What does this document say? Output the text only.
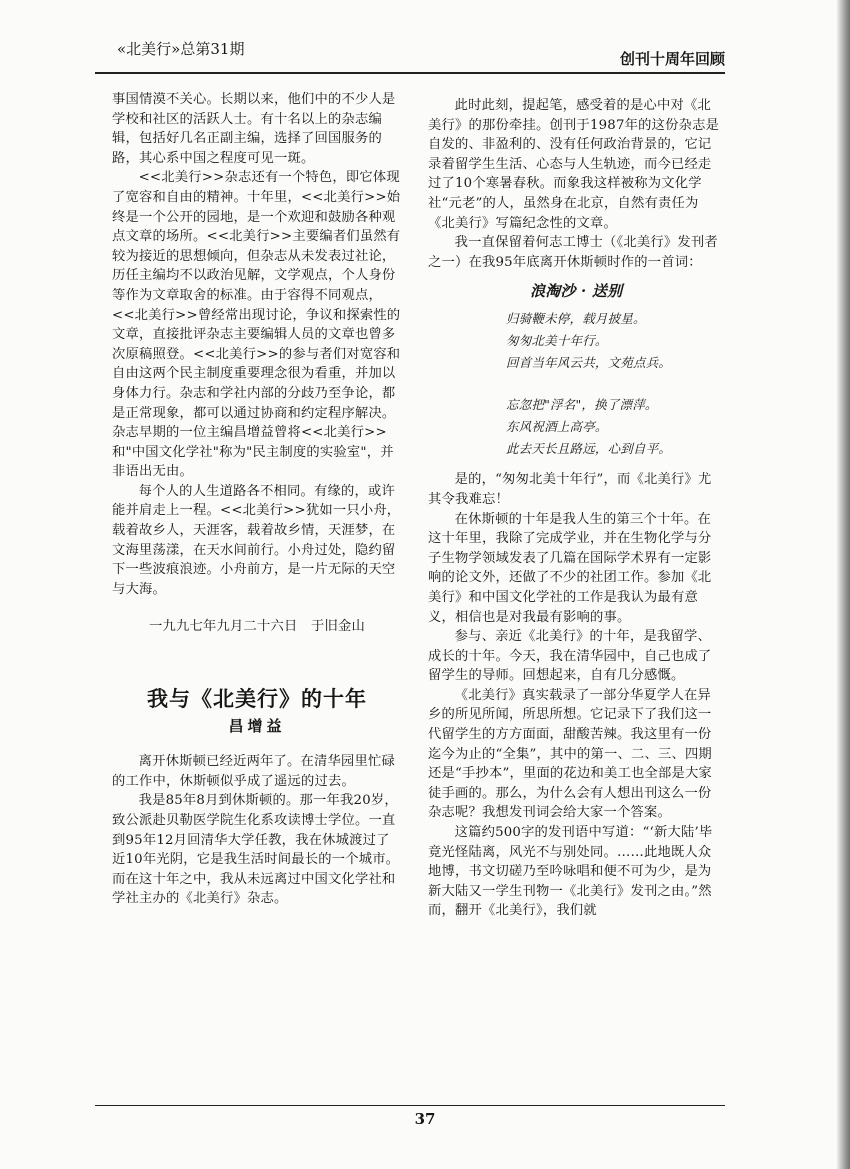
«北美行»总第31期
创刊十周年回顾

事国情漠不关心。长期以来，他们中的不少人是学校和社区的活跃人士。有十名以上的杂志编辑，包括好几名正副主编，选择了回国服务的路，其心系中国之程度可见一斑。

<<北美行>>杂志还有一个特色，即它体现了宽容和自由的精神。十年里，<<北美行>>始终是一个公开的园地，是一个欢迎和鼓励各种观点文章的场所。<<北美行>>主要编者们虽然有较为接近的思想倾向，但杂志从未发表过社论，历任主编均不以政治见解，文学观点，个人身份等作为文章取舍的标准。由于容得不同观点，<<北美行>>曾经常出现讨论，争议和探索性的文章，直接批评杂志主要编辑人员的文章也曾多次原稿照登。<<北美行>>的参与者们对宽容和自由这两个民主制度重要理念很为看重，并加以身体力行。杂志和学社内部的分歧乃至争论，都是正常现象，都可以通过协商和约定程序解决。杂志早期的一位主编昌增益曾将<<北美行>>和"中国文化学社"称为"民主制度的实验室"，并非语出无由。

每个人的人生道路各不相同。有缘的，或许能并肩走上一程。<<北美行>>犹如一只小舟，载着故乡人，天涯客，载着故乡情，天涯梦，在文海里荡漾，在天水间前行。小舟过处，隐约留下一些波痕浪迹。小舟前方，是一片无际的天空与大海。

一九九七年九月二十六日　于旧金山
我与《北美行》的十年
昌增益

离开休斯顿已经近两年了。在清华园里忙碌的工作中，休斯顿似乎成了遥远的过去。

我是85年8月到休斯顿的。那一年我20岁，致公派赴贝勒医学院生化系攻读博士学位。一直到95年12月回清华大学任教，我在休城渡过了近10年光阴，它是我生活时间最长的一个城市。而在这十年之中，我从未远离过中国文化学社和学社主办的《北美行》杂志。

此时此刻，提起笔，感受着的是心中对《北美行》的那份牵挂。创刊于1987年的这份杂志是自发的、非盈利的、没有任何政治背景的，它记录着留学生生活、心态与人生轨迹，而今已经走过了10个寒暑春秋。而象我这样被称为文化学社“元老”的人，虽然身在北京，自然有责任为《北美行》写篇纪念性的文章。

我一直保留着何志工博士（《北美行》发刊者之一）在我95年底离开休斯顿时作的一首词：

浪淘沙 · 送别
归骑鞭未停，载月披星。
匆匆北美十年行。
回首当年风云共，文苑点兵。
忘忽把"浮名"，换了漂萍。
东风祝酒上高亭。
此去天长且路远，心到自平。

是的，“匆匆北美十年行”，而《北美行》尤其令我难忘！

在休斯顿的十年是我人生的第三个十年。在这十年里，我除了完成学业，并在生物化学与分子生物学领域发表了几篇在国际学术界有一定影响的论文外，还做了不少的社团工作。参加《北美行》和中国文化学社的工作是我认为最有意义，相信也是对我最有影响的事。

参与、亲近《北美行》的十年，是我留学、成长的十年。今天，我在清华园中，自己也成了留学生的导师。回想起来，自有几分感慨。

《北美行》真实载录了一部分华夏学人在异乡的所见所闻，所思所想。它记录下了我们这一代留学生的方方面面，甜酸苦辣。我这里有一份迄今为止的“全集”，其中的第一、二、三、四期还是“手抄本”，里面的花边和美工也全部是大家徒手画的。那么，为什么会有人想出刊这么一份杂志呢？我想发刊词会给大家一个答案。

这篇约500字的发刊语中写道：“‘新大陆’毕竟光怪陆离，风光不与别处同。……此地既人众地博，书文切磋乃至吟咏唱和便不可为少，是为新大陆又一学生刊物一《北美行》发刊之由。”然而，翻开《北美行》，我们就

37
